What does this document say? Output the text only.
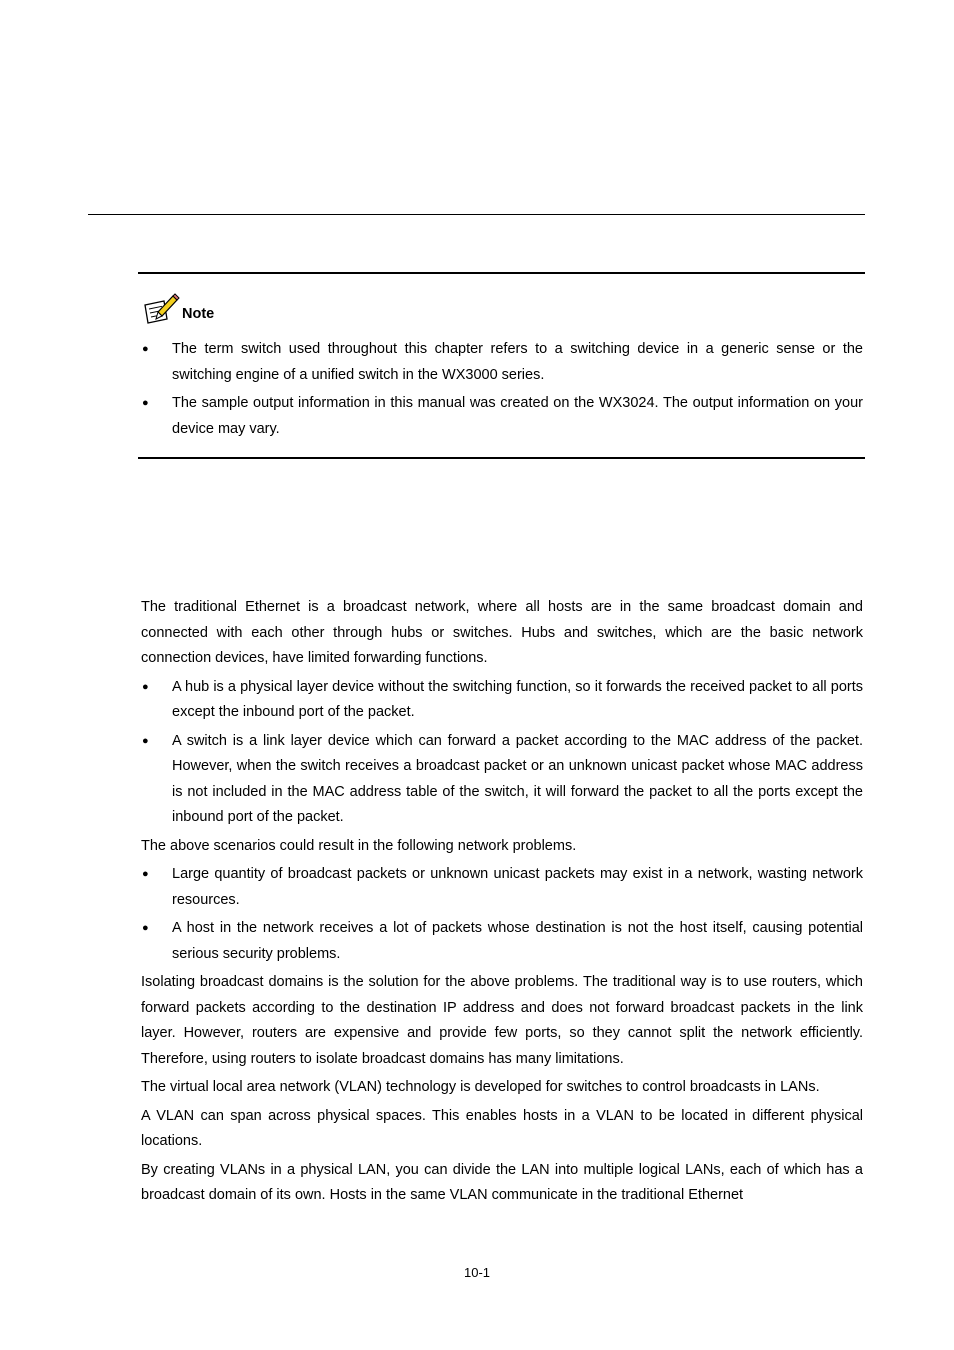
Note
● The term switch used throughout this chapter refers to a switching device in a generic sense or the switching engine of a unified switch in the WX3000 series.
● The sample output information in this manual was created on the WX3024. The output information on your device may vary.

The traditional Ethernet is a broadcast network, where all hosts are in the same broadcast domain and connected with each other through hubs or switches. Hubs and switches, which are the basic network connection devices, have limited forwarding functions.

● A hub is a physical layer device without the switching function, so it forwards the received packet to all ports except the inbound port of the packet.
● A switch is a link layer device which can forward a packet according to the MAC address of the packet. However, when the switch receives a broadcast packet or an unknown unicast packet whose MAC address is not included in the MAC address table of the switch, it will forward the packet to all the ports except the inbound port of the packet.

The above scenarios could result in the following network problems.

● Large quantity of broadcast packets or unknown unicast packets may exist in a network, wasting network resources.
● A host in the network receives a lot of packets whose destination is not the host itself, causing potential serious security problems.

Isolating broadcast domains is the solution for the above problems. The traditional way is to use routers, which forward packets according to the destination IP address and does not forward broadcast packets in the link layer. However, routers are expensive and provide few ports, so they cannot split the network efficiently. Therefore, using routers to isolate broadcast domains has many limitations.

The virtual local area network (VLAN) technology is developed for switches to control broadcasts in LANs.

A VLAN can span across physical spaces. This enables hosts in a VLAN to be located in different physical locations.

By creating VLANs in a physical LAN, you can divide the LAN into multiple logical LANs, each of which has a broadcast domain of its own. Hosts in the same VLAN communicate in the traditional Ethernet

10-1
